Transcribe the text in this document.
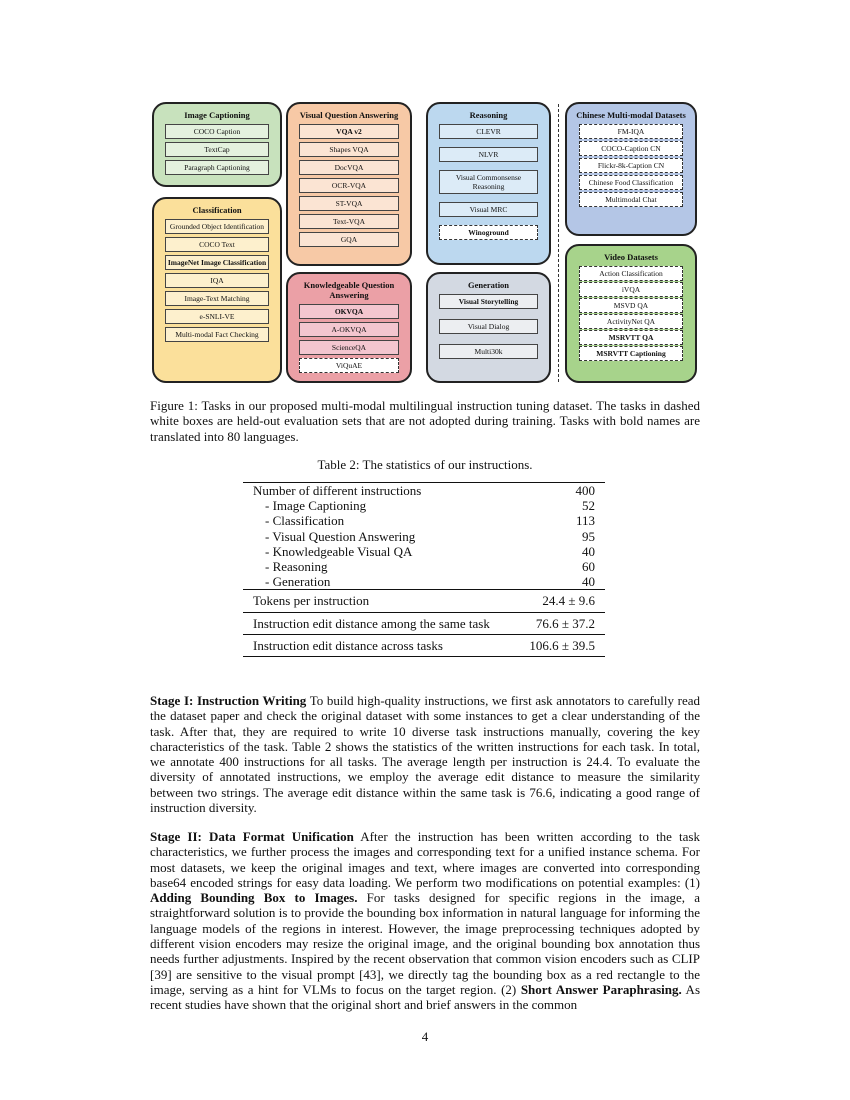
Image Captioning
COCO Caption
TextCap
Paragraph Captioning
Classification
Grounded Object Identification
COCO Text
ImageNet Image Classification
IQA
Image-Text Matching
e-SNLI-VE
Multi-modal Fact Checking
Visual Question Answering
VQA v2
Shapes VQA
DocVQA
OCR-VQA
ST-VQA
Text-VQA
GQA
Knowledgeable Question Answering
OKVQA
A-OKVQA
ScienceQA
ViQuAE
Reasoning
CLEVR
NLVR
Visual Commonsense Reasoning
Visual MRC
Winoground
Generation
Visual Storytelling
Visual Dialog
Multi30k
Chinese Multi-modal Datasets
FM-IQA
COCO-Caption CN
Flickr-8k-Caption CN
Chinese Food Classification
Multimodal Chat
Video Datasets
Action Classification
iVQA
MSVD QA
ActivityNet QA
MSRVTT QA
MSRVTT Captioning
Figure 1: Tasks in our proposed multi-modal multilingual instruction tuning dataset. The tasks in dashed white boxes are held-out evaluation sets that are not adopted during training. Tasks with bold names are translated into 80 languages.
Table 2: The statistics of our instructions.
Number of different instructions	400
- Image Captioning	52
- Classification	113
- Visual Question Answering	95
- Knowledgeable Visual QA	40
- Reasoning	60
- Generation	40
Tokens per instruction	24.4 ± 9.6
Instruction edit distance among the same task	76.6 ± 37.2
Instruction edit distance across tasks	106.6 ± 39.5
Stage I: Instruction Writing To build high-quality instructions, we first ask annotators to carefully read the dataset paper and check the original dataset with some instances to get a clear understanding of the task. After that, they are required to write 10 diverse task instructions manually, covering the key characteristics of the task. Table 2 shows the statistics of the written instructions for each task. In total, we annotate 400 instructions for all tasks. The average length per instruction is 24.4. To evaluate the diversity of annotated instructions, we employ the average edit distance to measure the similarity between two strings. The average edit distance within the same task is 76.6, indicating a good range of instruction diversity.
Stage II: Data Format Unification After the instruction has been written according to the task characteristics, we further process the images and corresponding text for a unified instance schema. For most datasets, we keep the original images and text, where images are converted into corresponding base64 encoded strings for easy data loading. We perform two modifications on potential examples: (1) Adding Bounding Box to Images. For tasks designed for specific regions in the image, a straightforward solution is to provide the bounding box information in natural language for informing the language models of the regions in interest. However, the image preprocessing techniques adopted by different vision encoders may resize the original image, and the original bounding box annotation thus needs further adjustments. Inspired by the recent observation that common vision encoders such as CLIP [39] are sensitive to the visual prompt [43], we directly tag the bounding box as a red rectangle to the image, serving as a hint for VLMs to focus on the target region. (2) Short Answer Paraphrasing. As recent studies have shown that the original short and brief answers in the common
4
